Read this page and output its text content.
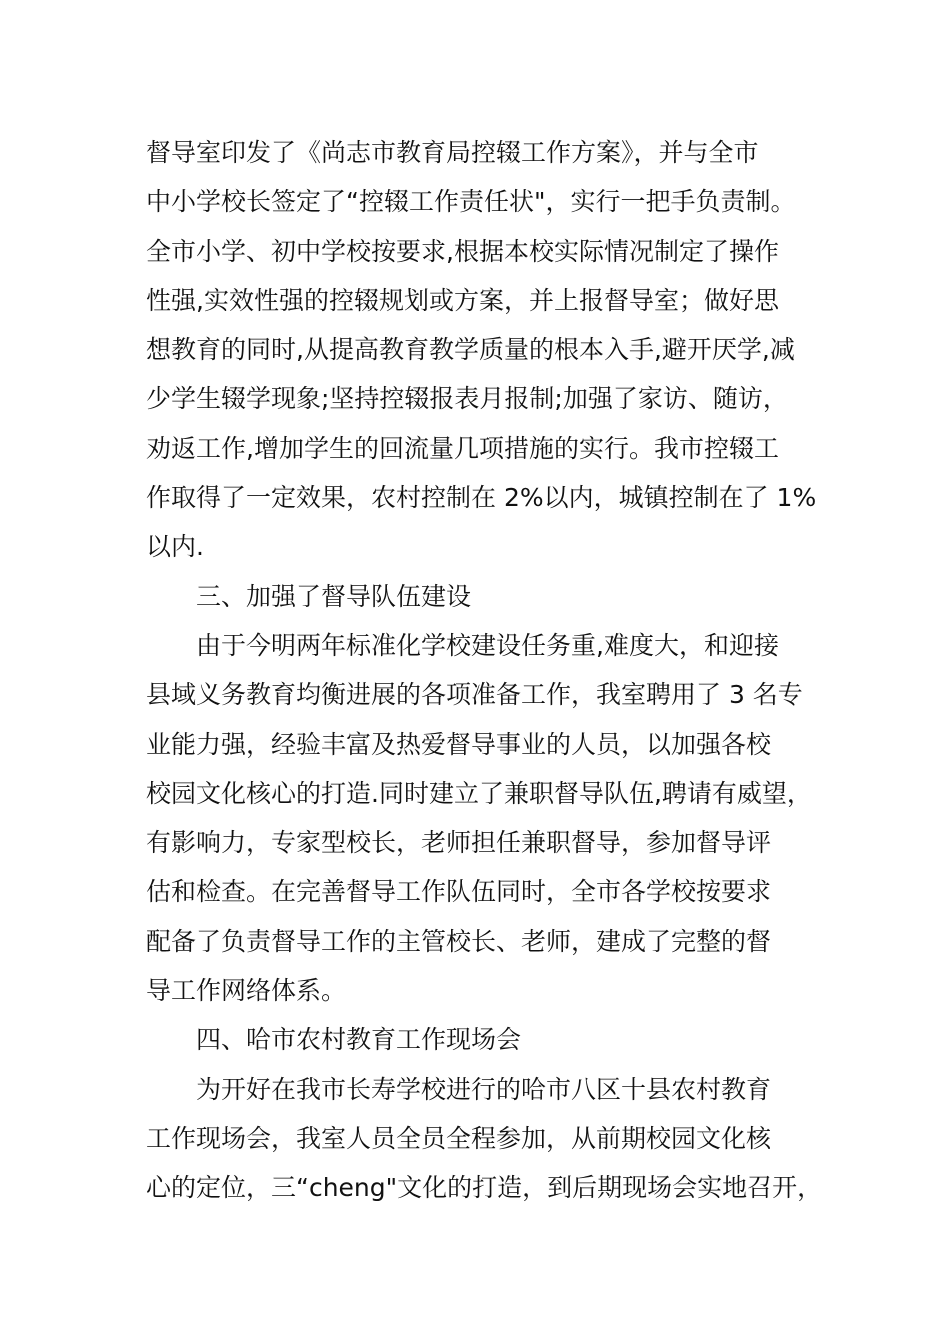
督导室印发了《尚志市教育局控辍工作方案》，并与全市
中小学校长签定了“控辍工作责任状"，实行一把手负责制。
全市小学、初中学校按要求,根据本校实际情况制定了操作
性强,实效性强的控辍规划或方案，并上报督导室；做好思
想教育的同时,从提高教育教学质量的根本入手,避开厌学,减
少学生辍学现象;坚持控辍报表月报制;加强了家访、随访，
劝返工作,增加学生的回流量几项措施的实行。我市控辍工
作取得了一定效果，农村控制在 2%以内，城镇控制在了 1%
以内.
三、加强了督导队伍建设
由于今明两年标准化学校建设任务重,难度大，和迎接
县域义务教育均衡进展的各项准备工作，我室聘用了 3 名专
业能力强，经验丰富及热爱督导事业的人员，以加强各校
校园文化核心的打造.同时建立了兼职督导队伍,聘请有威望，
有影响力，专家型校长，老师担任兼职督导，参加督导评
估和检查。在完善督导工作队伍同时，全市各学校按要求
配备了负责督导工作的主管校长、老师，建成了完整的督
导工作网络体系。
四、哈市农村教育工作现场会
为开好在我市长寿学校进行的哈市八区十县农村教育
工作现场会，我室人员全员全程参加，从前期校园文化核
心的定位，三“cheng"文化的打造，到后期现场会实地召开，
